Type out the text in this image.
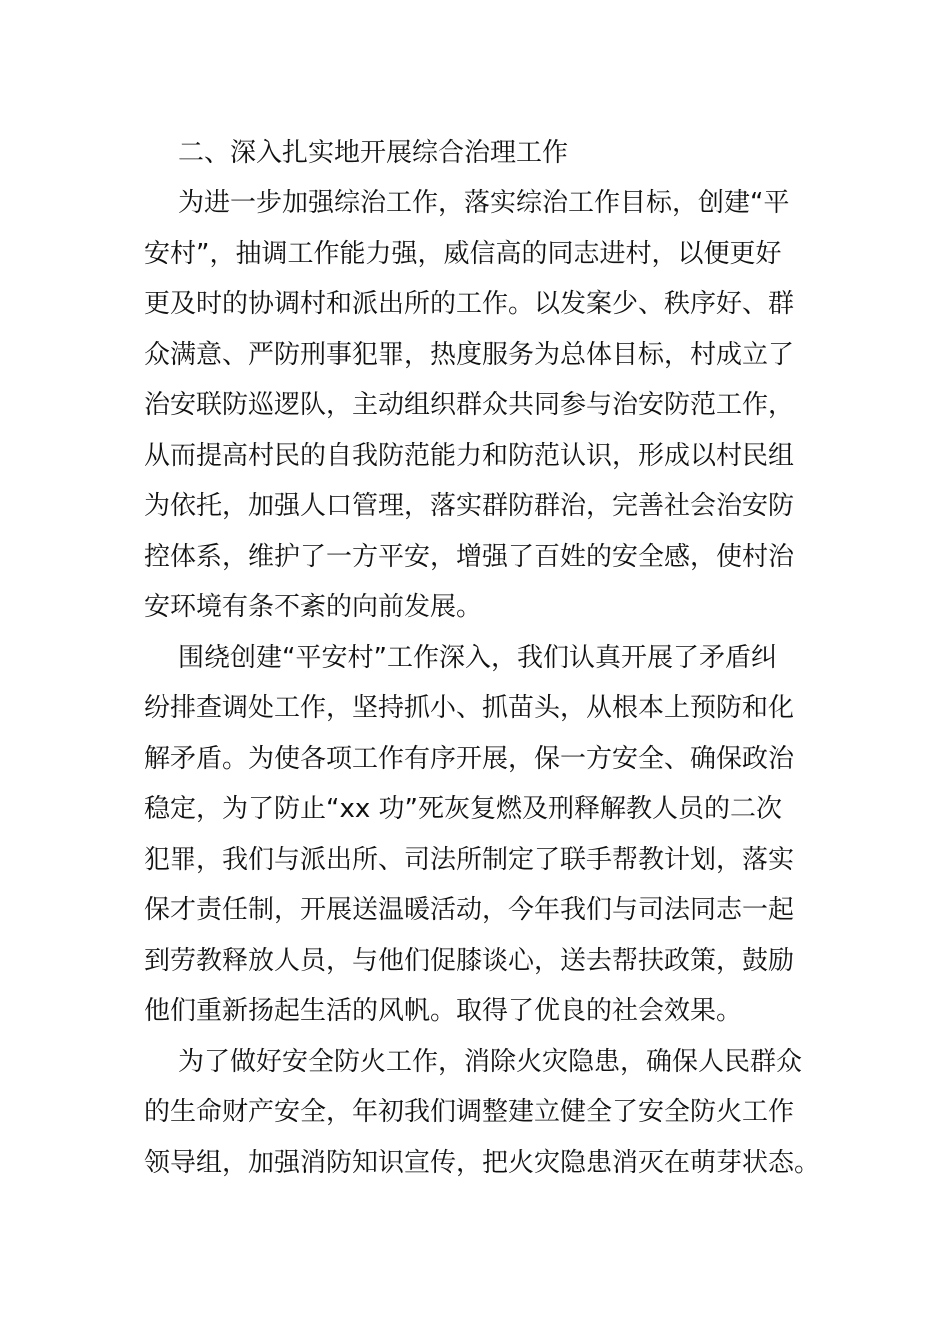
二、深入扎实地开展综合治理工作

为进一步加强综治工作，落实综治工作目标，创建“平
安村”，抽调工作能力强，威信高的同志进村，以便更好
更及时的协调村和派出所的工作。以发案少、秩序好、群
众满意、严防刑事犯罪，热度服务为总体目标，村成立了
治安联防巡逻队，主动组织群众共同参与治安防范工作，
从而提高村民的自我防范能力和防范认识，形成以村民组
为依托，加强人口管理，落实群防群治，完善社会治安防
控体系，维护了一方平安，增强了百姓的安全感，使村治
安环境有条不紊的向前发展。

围绕创建“平安村”工作深入，我们认真开展了矛盾纠
纷排查调处工作，坚持抓小、抓苗头，从根本上预防和化
解矛盾。为使各项工作有序开展，保一方安全、确保政治
稳定，为了防止“xx 功”死灰复燃及刑释解教人员的二次
犯罪，我们与派出所、司法所制定了联手帮教计划，落实
保才责任制，开展送温暖活动，今年我们与司法同志一起
到劳教释放人员，与他们促膝谈心，送去帮扶政策，鼓励
他们重新扬起生活的风帆。取得了优良的社会效果。

为了做好安全防火工作，消除火灾隐患，确保人民群众
的生命财产安全，年初我们调整建立健全了安全防火工作
领导组，加强消防知识宣传，把火灾隐患消灭在萌芽状态。
